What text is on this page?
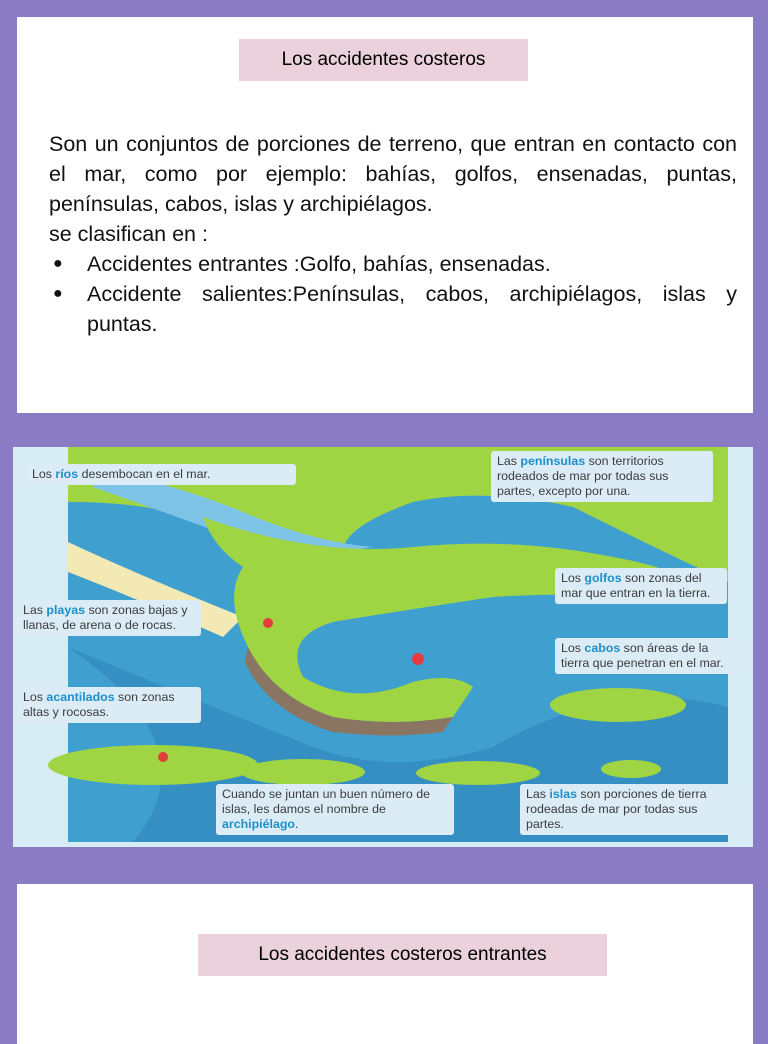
Los accidentes costeros

Son un conjuntos de porciones de terreno, que entran en contacto con el mar, como por ejemplo: bahías, golfos, ensenadas, puntas, penínsulas, cabos, islas y archipiélagos.

se clasifican en :
● Accidentes entrantes :Golfo, bahías, ensenadas.
● Accidente salientes:Penínsulas, cabos, archipiélagos, islas y puntas.
Los ríos desembocan en el mar.
Las penínsulas son territorios rodeados de mar por todas sus partes, excepto por una.
Los golfos son zonas del mar que entran en la tierra.
Las playas son zonas bajas y llanas, de arena o de rocas.
Los cabos son áreas de la tierra que penetran en el mar.
Los acantilados son zonas altas y rocosas.
Cuando se juntan un buen número de islas, les damos el nombre de archipiélago.
Las islas son porciones de tierra rodeadas de mar por todas sus partes.
Los accidentes costeros entrantes
